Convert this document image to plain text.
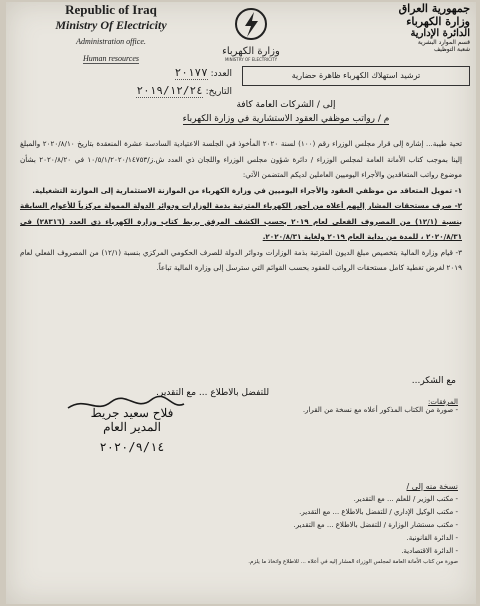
Republic of Iraq
Ministry Of Electricity
Administration office.
Human resources
وزارة الكهرباء
MINISTRY OF ELECTRICITY
جمهورية العراق
وزارة الكهرباء
الدائرة الإدارية
قسم الموارد البشرية
شعبة التوظيف
العدد: ٢٠١٧٧
التاريخ: ٢٠١٩/١٢/٢٤
ترشيد استهلاك الكهرباء ظاهرة حضارية
إلى / الشركات العامة كافة
م / رواتب موظفي العقود الاستشارية في وزارة الكهرباء

تحية طيبة... إشارة إلى قرار مجلس الوزراء رقم (١٠٠) لسنة ٢٠٢٠ المأخوذ في الجلسة الاعتيادية السادسة عشرة المنعقدة بتاريخ ٢٠٢٠/٨/١٠ والمبلغ إلينا بموجب كتاب الأمانة العامة لمجلس الوزراء / دائرة شؤون مجلس الوزراء واللجان ذي العدد ش.ز/١٠/٥/١/٢٠٢٠/١٤٧٥٣ في ٢٠٢٠/٨/٢٠ بشأن موضوع رواتب المتعاقدين والأجراء اليوميين العاملين لديكم المتضمن الآتي:

١- تمويل المتعاقد من موظفي العقود والأجراء اليوميين في وزارة الكهرباء من الموازنة الاستثمارية إلى الموازنة التشغيلية.

٢- صرف مستحقات المشار إليهم أعلاه من أجور الكهرباء المترتبة بذمة الوزارات ودوائر الدولة الممولة مركزياً للأعوام السابقة بنسبة (١٢/١) من المصروف الفعلي لعام ٢٠١٩ بحسب الكشف المرفق بربط كتاب وزارة الكهرباء ذي العدد (٢٨٣١٦) في ٢٠٢٠/٨/٣١ ، للمدة من بداية العام ٢٠١٩ ولغاية ٢٠٢٠/٨/٣١.

٣- قيام وزارة المالية بتخصيص مبلغ الديون المترتبة بذمة الوزارات ودوائر الدولة للصرف الحكومي المركزي بنسبة (١٢/١) من المصروف الفعلي لعام ٢٠١٩ لغرض تغطية كامل مستحقات الرواتب للعقود بحسب القوائم التي سترسل إلى وزارة المالية تباعاً.

مع الشكر...
للتفضل بالاطلاع ... مع التقدير.
فلاح سعيد جريط
المدير العام
٢٠٢٠/٩/١٤
المرفقات:
- صورة من الكتاب المذكور أعلاه مع نسخة من القرار.
نسخة منه إلى /
- مكتب الوزير / للعلم ... مع التقدير.
- مكتب الوكيل الإداري / للتفضل بالاطلاع ... مع التقدير.
- مكتب مستشار الوزارة / للتفضل بالاطلاع ... مع التقدير.
- الدائرة القانونية.
- الدائرة الاقتصادية.
صورة من كتاب الأمانة العامة لمجلس الوزراء المشار إليه في أعلاه ... للاطلاع واتخاذ ما يلزم.
